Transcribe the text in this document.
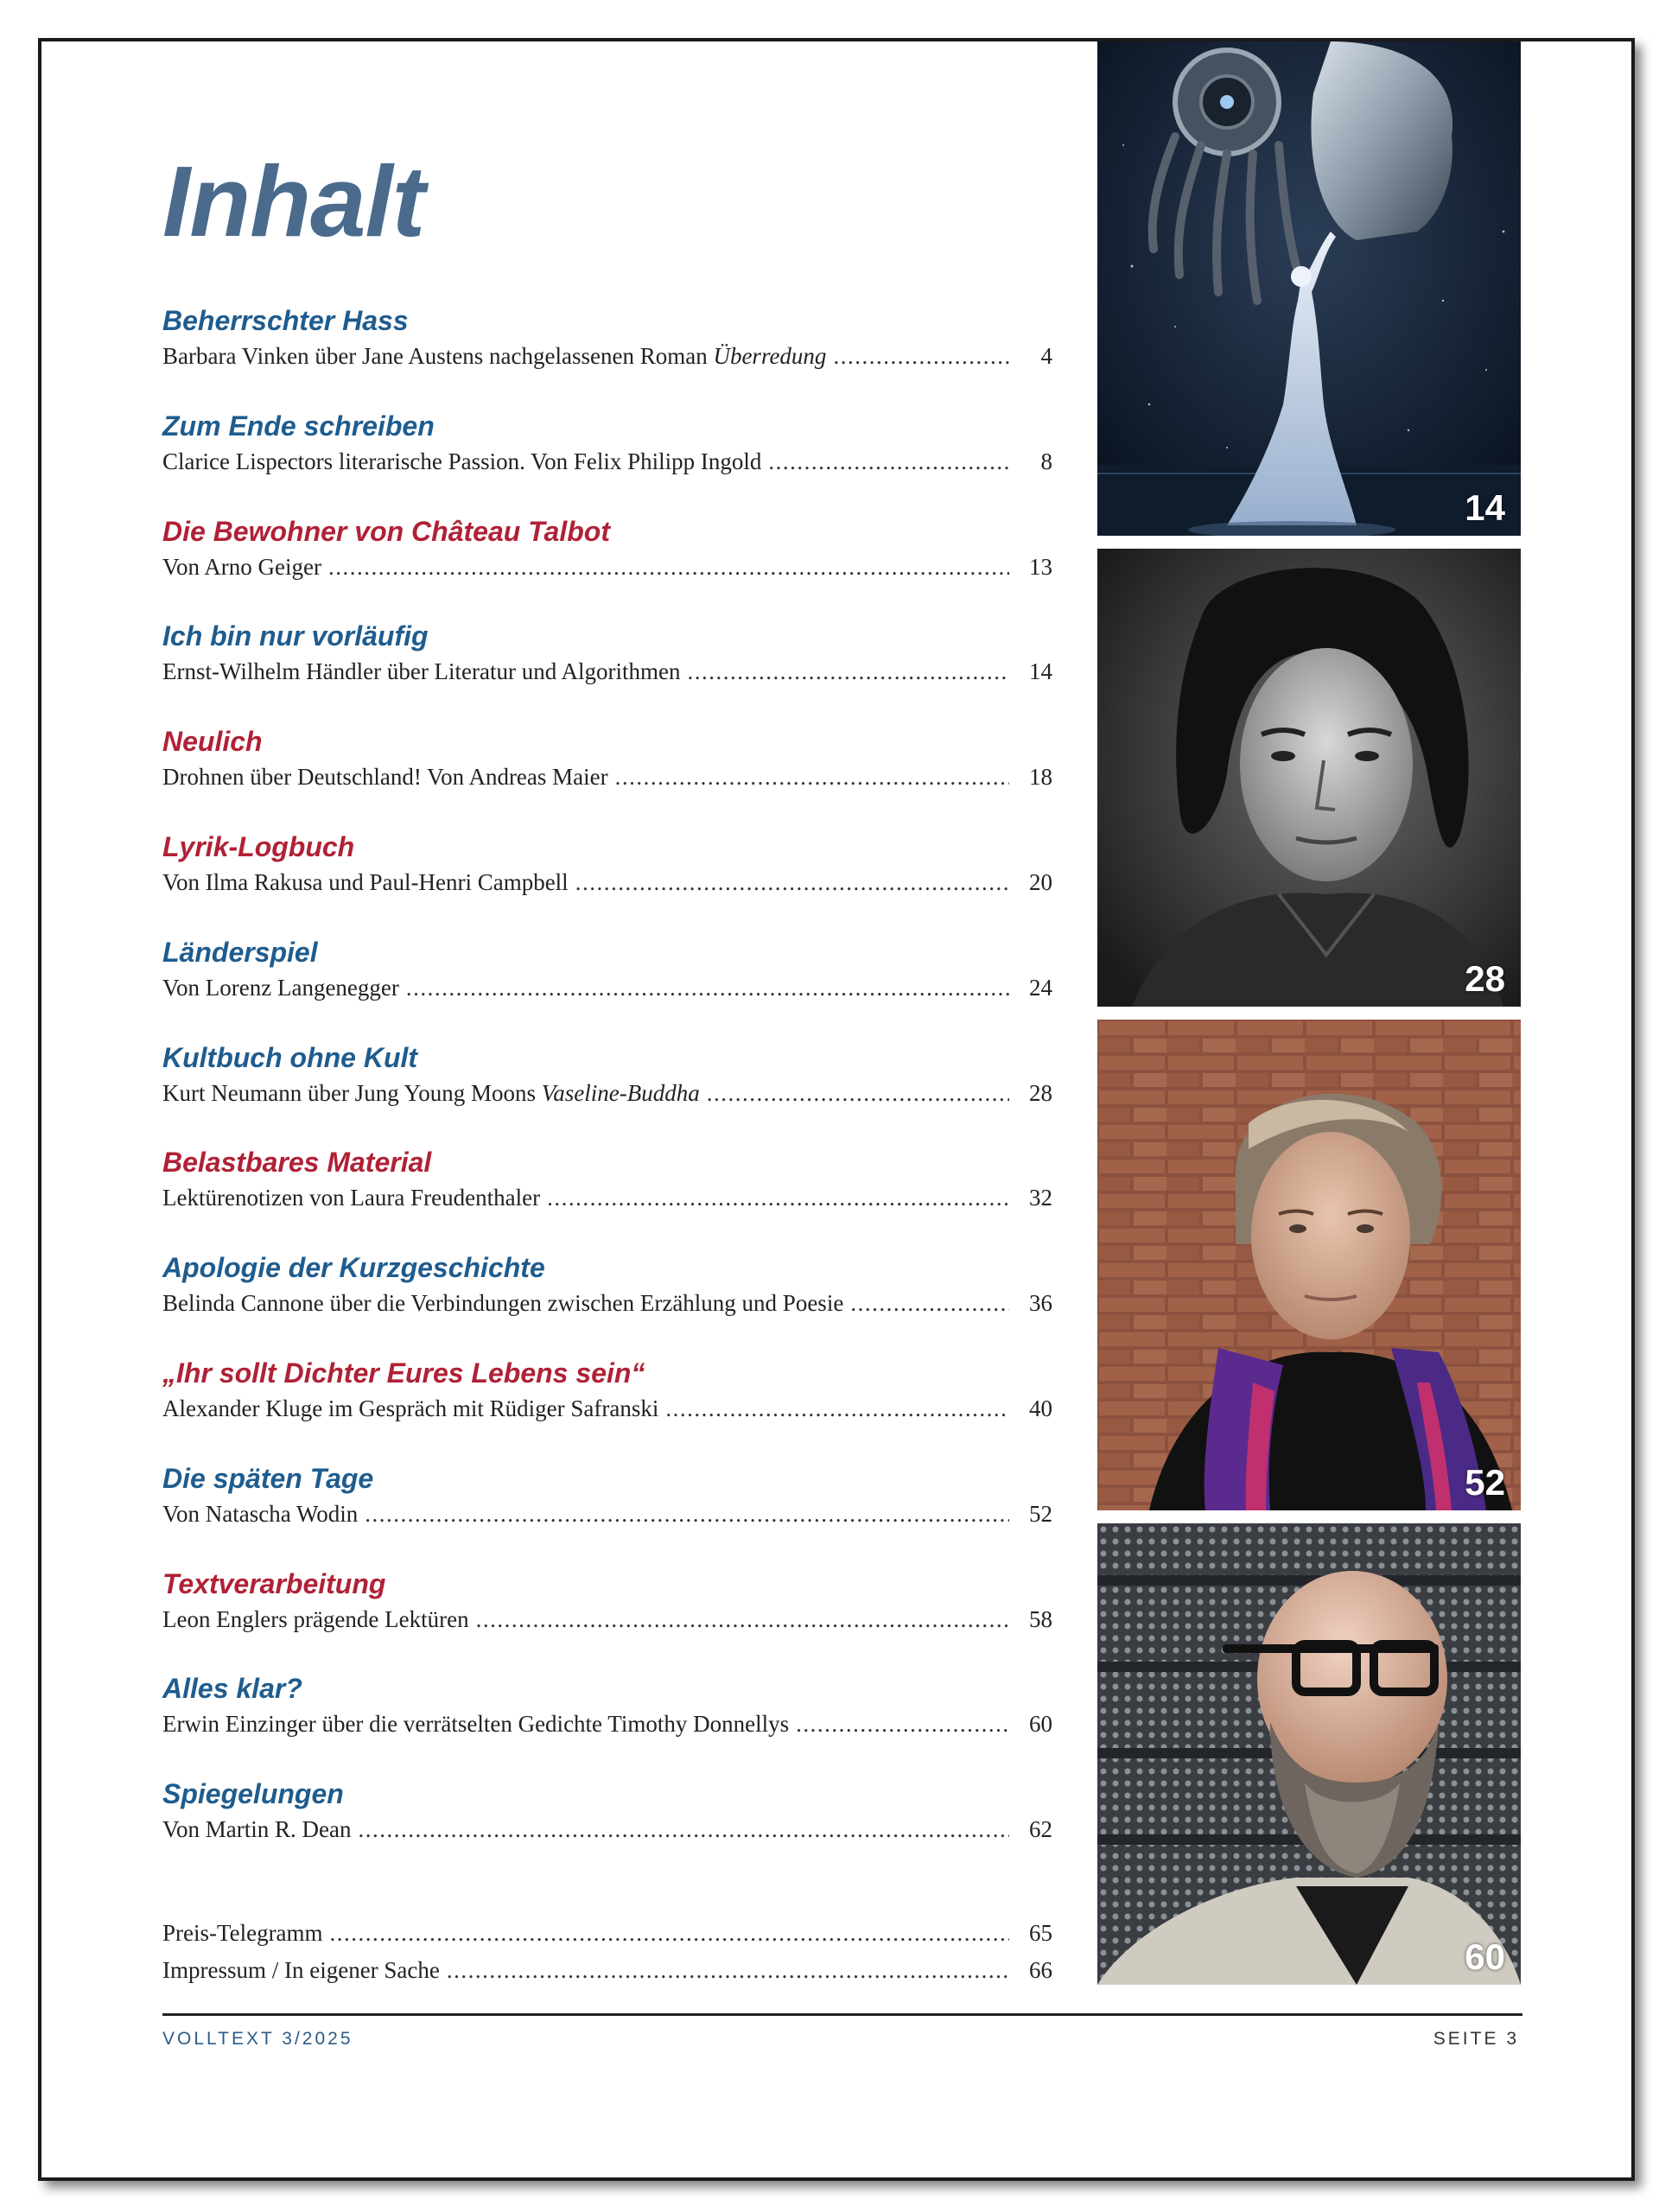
Inhalt
Beherrschter Hass
Barbara Vinken über Jane Austens nachgelassenen Roman Überredung .....	4
Zum Ende schreiben
Clarice Lispectors literarische Passion. Von Felix Philipp Ingold .....	8
Die Bewohner von Château Talbot
Von Arno Geiger .....	13
Ich bin nur vorläufig
Ernst-Wilhelm Händler über Literatur und Algorithmen .....	14
Neulich
Drohnen über Deutschland! Von Andreas Maier .....	18
Lyrik-Logbuch
Von Ilma Rakusa und Paul-Henri Campbell .....	20
Länderspiel
Von Lorenz Langenegger .....	24
Kultbuch ohne Kult
Kurt Neumann über Jung Young Moons Vaseline-Buddha .....	28
Belastbares Material
Lektürenotizen von Laura Freudenthaler .....	32
Apologie der Kurzgeschichte
Belinda Cannone über die Verbindungen zwischen Erzählung und Poesie .....	36
„Ihr sollt Dichter Eures Lebens sein“
Alexander Kluge im Gespräch mit Rüdiger Safranski .....	40
Die späten Tage
Von Natascha Wodin .....	52
Textverarbeitung
Leon Englers prägende Lektüren .....	58
Alles klar?
Erwin Einzinger über die verrätselten Gedichte Timothy Donnellys .....	60
Spiegelungen
Von Martin R. Dean .....	62
Preis-Telegramm .....	65
Impressum / In eigener Sache .....	66
14
28
52
60
VOLLTEXT 3/2025	SEITE 3
